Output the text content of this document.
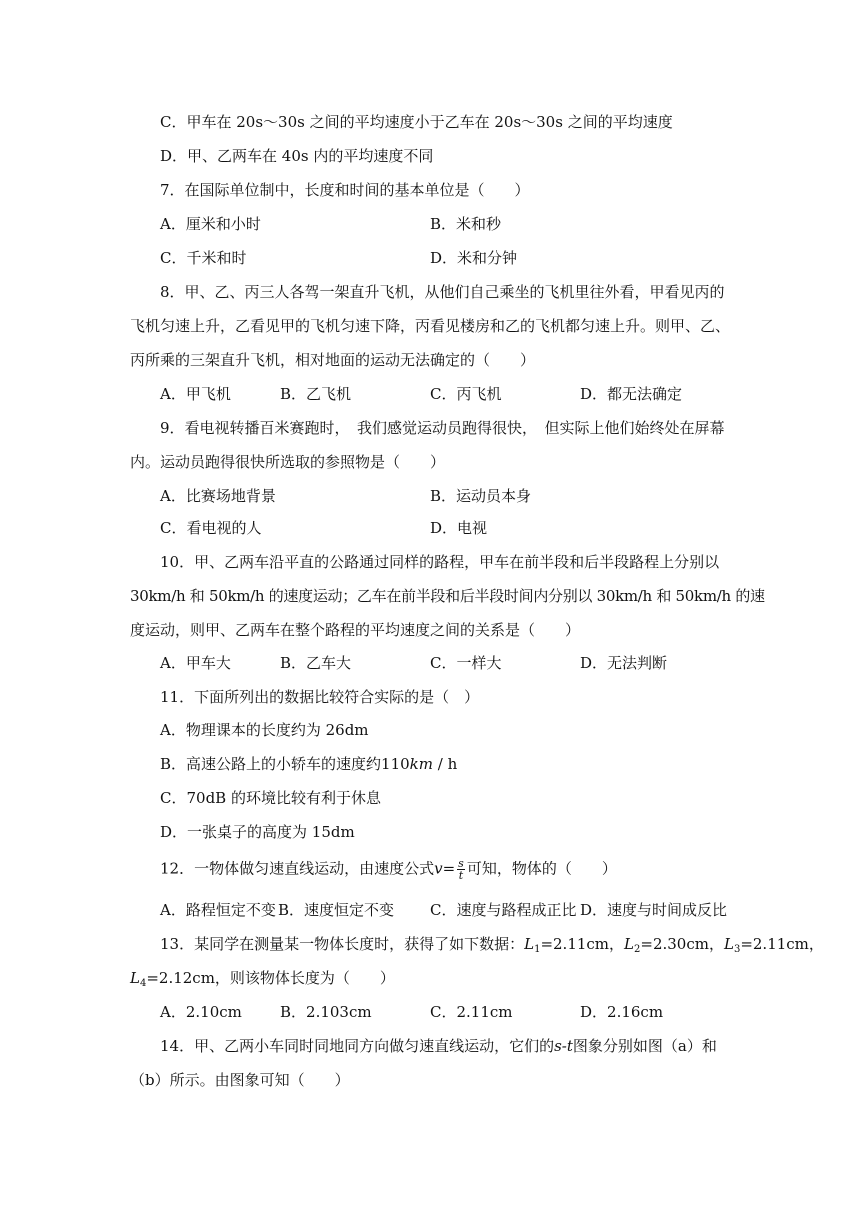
C．甲车在 20s～30s 之间的平均速度小于乙车在 20s～30s 之间的平均速度
D．甲、乙两车在 40s 内的平均速度不同
7．在国际单位制中，长度和时间的基本单位是（　　）
A．厘米和小时	B．米和秒
C．千米和时	D．米和分钟
8．甲、乙、丙三人各驾一架直升飞机，从他们自己乘坐的飞机里往外看，甲看见丙的
飞机匀速上升，乙看见甲的飞机匀速下降，丙看见楼房和乙的飞机都匀速上升。则甲、乙、
丙所乘的三架直升飞机，相对地面的运动无法确定的（　　）
A．甲飞机	B．乙飞机	C．丙飞机	D．都无法确定
9．看电视转播百米赛跑时，　我们感觉运动员跑得很快，　但实际上他们始终处在屏幕
内。运动员跑得很快所选取的参照物是（　　）
A．比赛场地背景	B．运动员本身
C．看电视的人	D．电视
10．甲、乙两车沿平直的公路通过同样的路程，甲车在前半段和后半段路程上分别以
30km/h 和 50km/h 的速度运动；乙车在前半段和后半段时间内分别以 30km/h 和 50km/h 的速
度运动，则甲、乙两车在整个路程的平均速度之间的关系是（　　）
A．甲车大	B．乙车大	C．一样大	D．无法判断
11．下面所列出的数据比较符合实际的是（　）
A．物理课本的长度约为 26dm
B．高速公路上的小轿车的速度约110km / h
C．70dB 的环境比较有利于休息
D．一张桌子的高度为 15dm
12．一物体做匀速直线运动，由速度公式$v= \frac{s}{t}$ 可知，物体的（　　）
A．路程恒定不变 B．速度恒定不变 C．速度与路程成正比 D．速度与时间成反比
13．某同学在测量某一物体长度时，获得了如下数据：$L_1=2.11cm$，$L_2=2.30cm$，$L_3=2.11cm$，
$L_4=2.12cm$，则该物体长度为（　　）
A．2.10cm	B．2.103cm	C．2.11cm	D．2.16cm
14．甲、乙两小车同时同地同方向做匀速直线运动，它们的s-t图象分别如图（a）和
（b）所示。由图象可知（　　）
